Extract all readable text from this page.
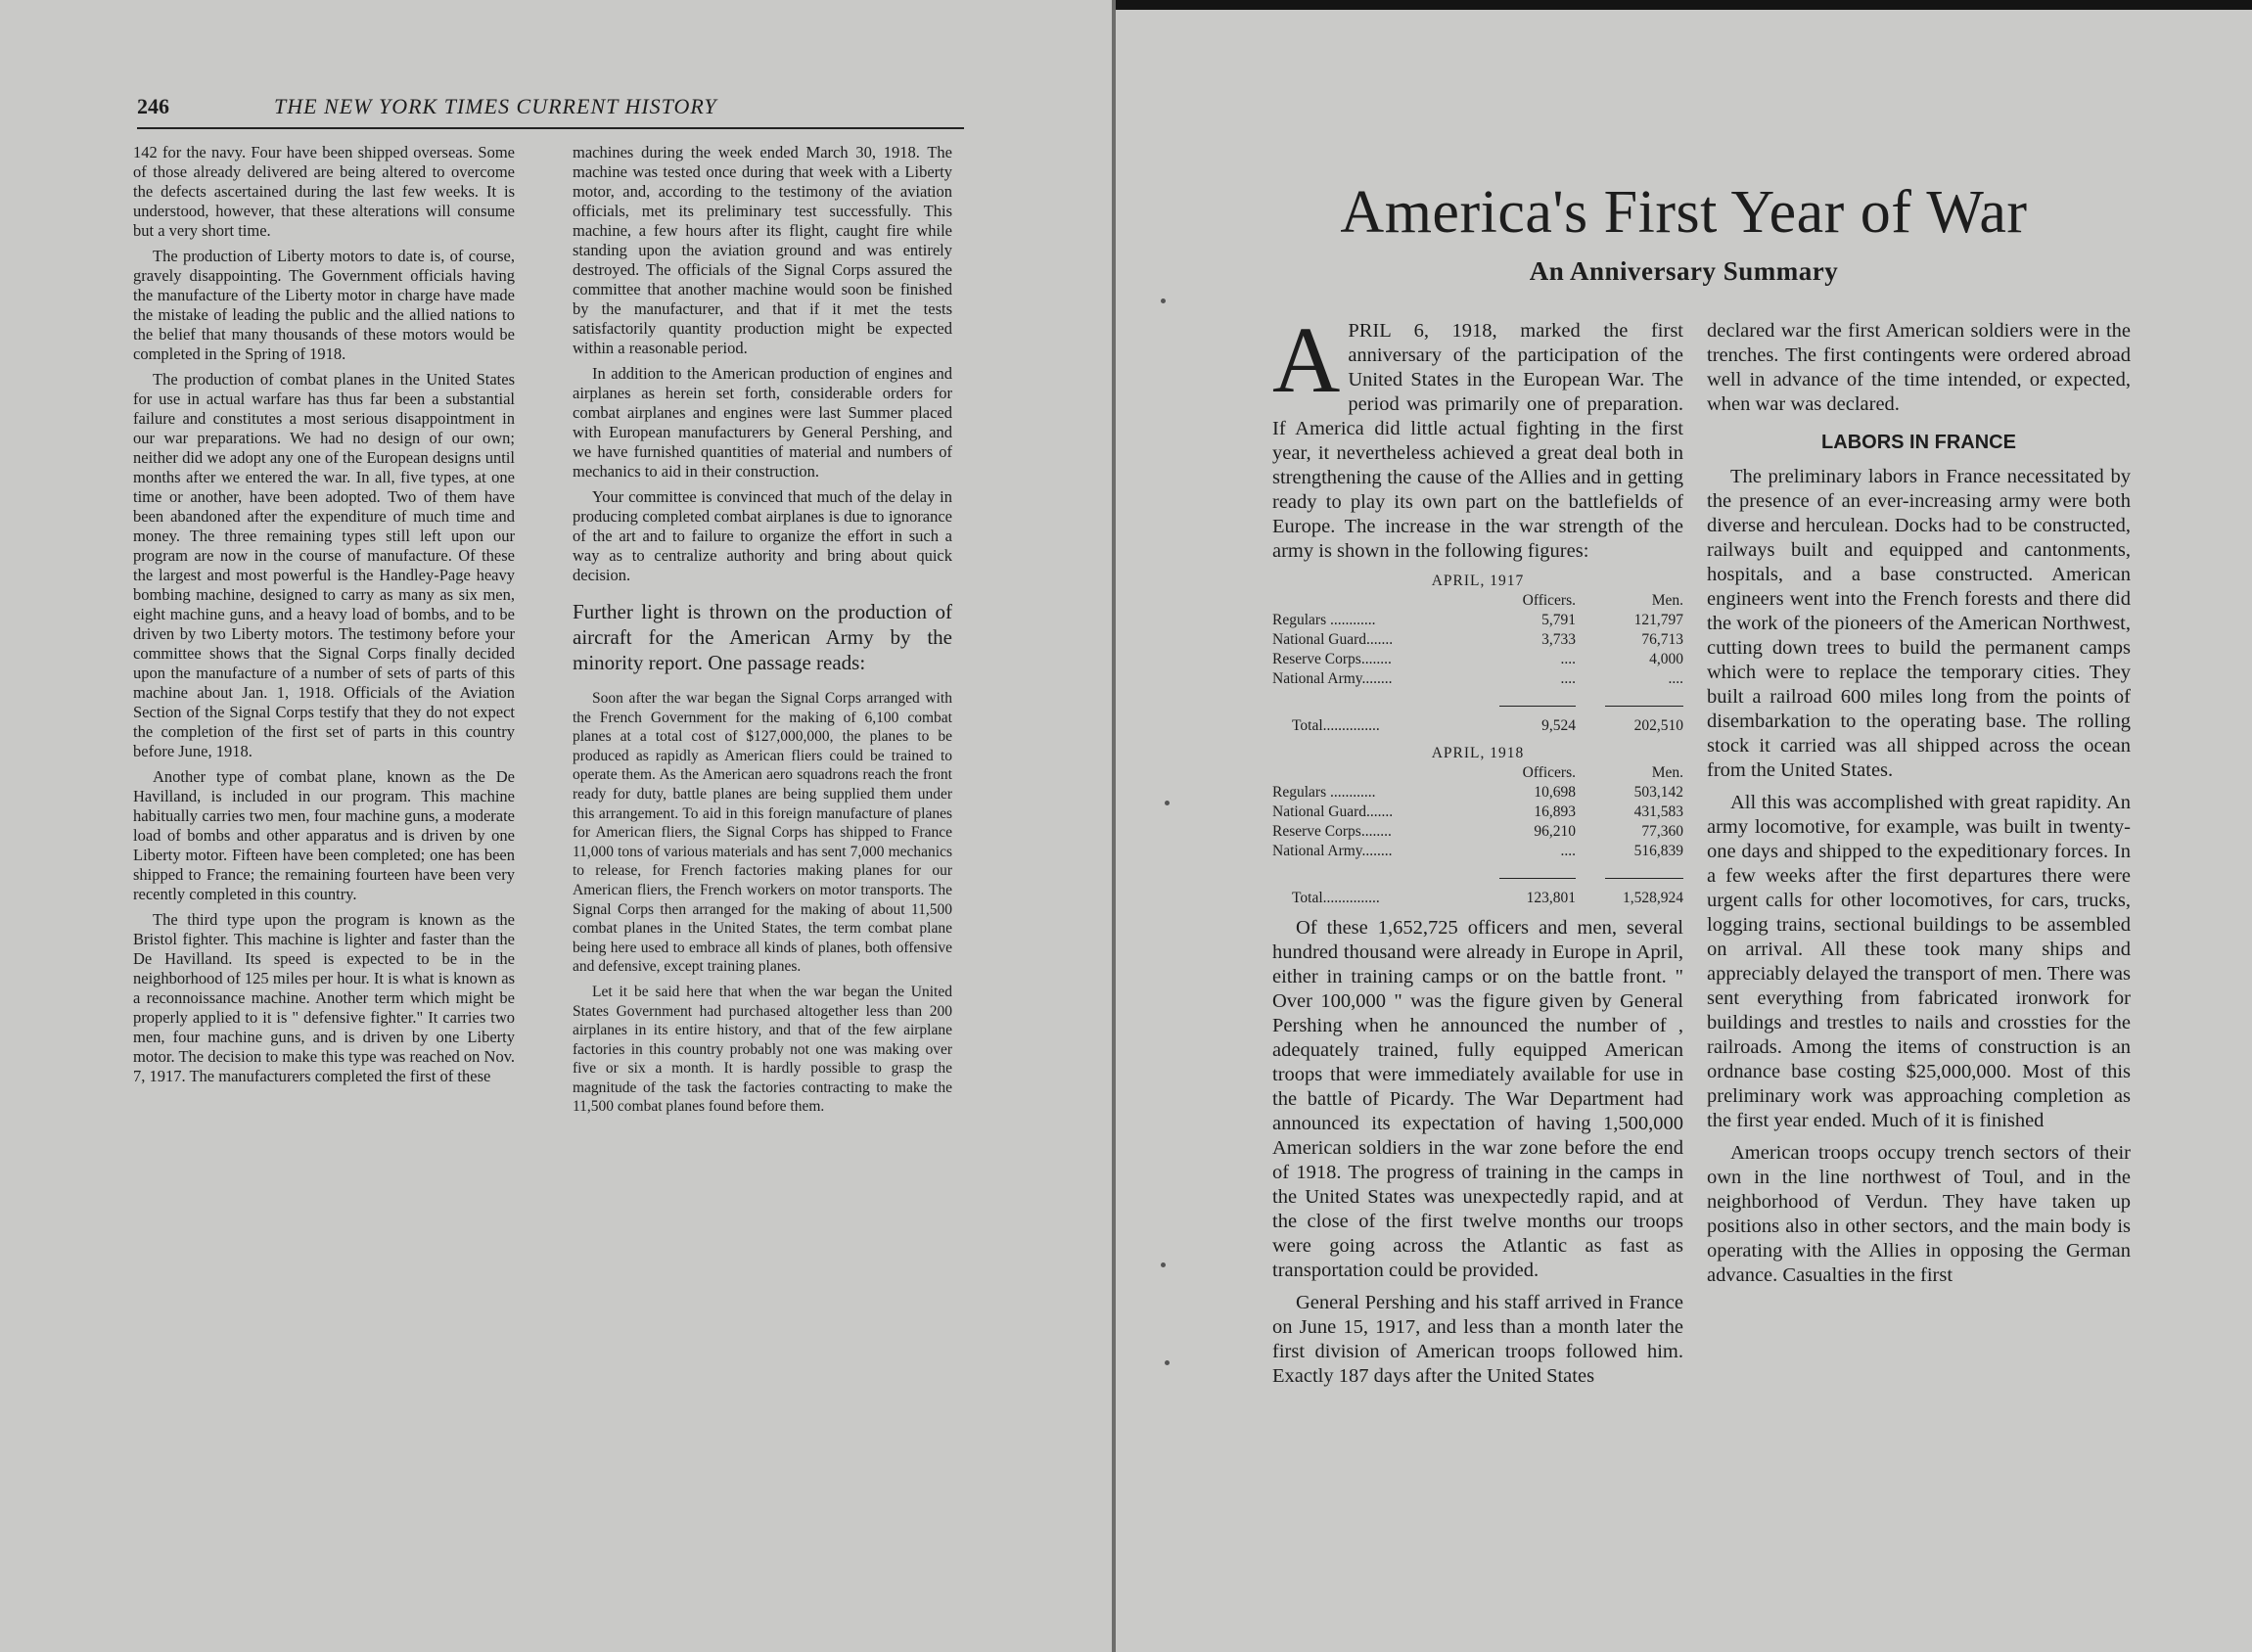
246	THE NEW YORK TIMES CURRENT HISTORY

142 for the navy. Four have been shipped overseas. Some of those already delivered are being altered to overcome the defects ascertained during the last few weeks. It is understood, however, that these alterations will consume but a very short time.

The production of Liberty motors to date is, of course, gravely disappointing. The Government officials having the manufacture of the Liberty motor in charge have made the mistake of leading the public and the allied nations to the belief that many thousands of these motors would be completed in the Spring of 1918.

The production of combat planes in the United States for use in actual warfare has thus far been a substantial failure and constitutes a most serious disappointment in our war preparations. We had no design of our own; neither did we adopt any one of the European designs until months after we entered the war. In all, five types, at one time or another, have been adopted. Two of them have been abandoned after the expenditure of much time and money. The three remaining types still left upon our program are now in the course of manufacture. Of these the largest and most powerful is the Handley-Page heavy bombing machine, designed to carry as many as six men, eight machine guns, and a heavy load of bombs, and to be driven by two Liberty motors. The testimony before your committee shows that the Signal Corps finally decided upon the manufacture of a number of sets of parts of this machine about Jan. 1, 1918. Officials of the Aviation Section of the Signal Corps testify that they do not expect the completion of the first set of parts in this country before June, 1918.

Another type of combat plane, known as the De Havilland, is included in our program. This machine habitually carries two men, four machine guns, a moderate load of bombs and other apparatus and is driven by one Liberty motor. Fifteen have been completed; one has been shipped to France; the remaining fourteen have been very recently completed in this country.

The third type upon the program is known as the Bristol fighter. This machine is lighter and faster than the De Havilland. Its speed is expected to be in the neighborhood of 125 miles per hour. It is what is known as a reconnoissance machine. Another term which might be properly applied to it is " defensive fighter." It carries two men, four machine guns, and is driven by one Liberty motor. The decision to make this type was reached on Nov. 7, 1917. The manufacturers completed the first of these

machines during the week ended March 30, 1918. The machine was tested once during that week with a Liberty motor, and, according to the testimony of the aviation officials, met its preliminary test successfully. This machine, a few hours after its flight, caught fire while standing upon the aviation ground and was entirely destroyed. The officials of the Signal Corps assured the committee that another machine would soon be finished by the manufacturer, and that if it met the tests satisfactorily quantity production might be expected within a reasonable period.

In addition to the American production of engines and airplanes as herein set forth, considerable orders for combat airplanes and engines were last Summer placed with European manufacturers by General Pershing, and we have furnished quantities of material and numbers of mechanics to aid in their construction.

Your committee is convinced that much of the delay in producing completed combat airplanes is due to ignorance of the art and to failure to organize the effort in such a way as to centralize authority and bring about quick decision.

Further light is thrown on the production of aircraft for the American Army by the minority report. One passage reads:

Soon after the war began the Signal Corps arranged with the French Government for the making of 6,100 combat planes at a total cost of $127,000,000, the planes to be produced as rapidly as American fliers could be trained to operate them. As the American aero squadrons reach the front ready for duty, battle planes are being supplied them under this arrangement. To aid in this foreign manufacture of planes for American fliers, the Signal Corps has shipped to France 11,000 tons of various materials and has sent 7,000 mechanics to release, for French factories making planes for our American fliers, the French workers on motor transports. The Signal Corps then arranged for the making of about 11,500 combat planes in the United States, the term combat plane being here used to embrace all kinds of planes, both offensive and defensive, except training planes.

Let it be said here that when the war began the United States Government had purchased altogether less than 200 airplanes in its entire history, and that of the few airplane factories in this country probably not one was making over five or six a month. It is hardly possible to grasp the magnitude of the task the factories contracting to make the 11,500 combat planes found before them.

America's First Year of War
An Anniversary Summary

APRIL 6, 1918, marked the first anniversary of the participation of the United States in the European War. The period was primarily one of preparation. If America did little actual fighting in the first year, it nevertheless achieved a great deal both in strengthening the cause of the Allies and in getting ready to play its own part on the battlefields of Europe. The increase in the war strength of the army is shown in the following figures:

APRIL, 1917
Officers.	Men.
Regulars ............	5,791	121,797
National Guard.......	3,733	76,713
Reserve Corps........	....	4,000
National Army........	....	....
Total...............	9,524	202,510
APRIL, 1918
Officers.	Men.
Regulars ............	10,698	503,142
National Guard.......	16,893	431,583
Reserve Corps........	96,210	77,360
National Army........	....	516,839
Total...............	123,801	1,528,924

Of these 1,652,725 officers and men, several hundred thousand were already in Europe in April, either in training camps or on the battle front. " Over 100,000 " was the figure given by General Pershing when he announced the number of , adequately trained, fully equipped American troops that were immediately available for use in the battle of Picardy. The War Department had announced its expectation of having 1,500,000 American soldiers in the war zone before the end of 1918. The progress of training in the camps in the United States was unexpectedly rapid, and at the close of the first twelve months our troops were going across the Atlantic as fast as transportation could be provided.

General Pershing and his staff arrived in France on June 15, 1917, and less than a month later the first division of American troops followed him. Exactly 187 days after the United States

declared war the first American soldiers were in the trenches. The first contingents were ordered abroad well in advance of the time intended, or expected, when war was declared.

LABORS IN FRANCE

The preliminary labors in France necessitated by the presence of an ever-increasing army were both diverse and herculean. Docks had to be constructed, railways built and equipped and cantonments, hospitals, and a base constructed. American engineers went into the French forests and there did the work of the pioneers of the American Northwest, cutting down trees to build the permanent camps which were to replace the temporary cities. They built a railroad 600 miles long from the points of disembarkation to the operating base. The rolling stock it carried was all shipped across the ocean from the United States.

All this was accomplished with great rapidity. An army locomotive, for example, was built in twenty-one days and shipped to the expeditionary forces. In a few weeks after the first departures there were urgent calls for other locomotives, for cars, trucks, logging trains, sectional buildings to be assembled on arrival. All these took many ships and appreciably delayed the transport of men. There was sent everything from fabricated ironwork for buildings and trestles to nails and crossties for the railroads. Among the items of construction is an ordnance base costing $25,000,000. Most of this preliminary work was approaching completion as the first year ended. Much of it is finished

American troops occupy trench sectors of their own in the line northwest of Toul, and in the neighborhood of Verdun. They have taken up positions also in other sectors, and the main body is operating with the Allies in opposing the German advance. Casualties in the first
